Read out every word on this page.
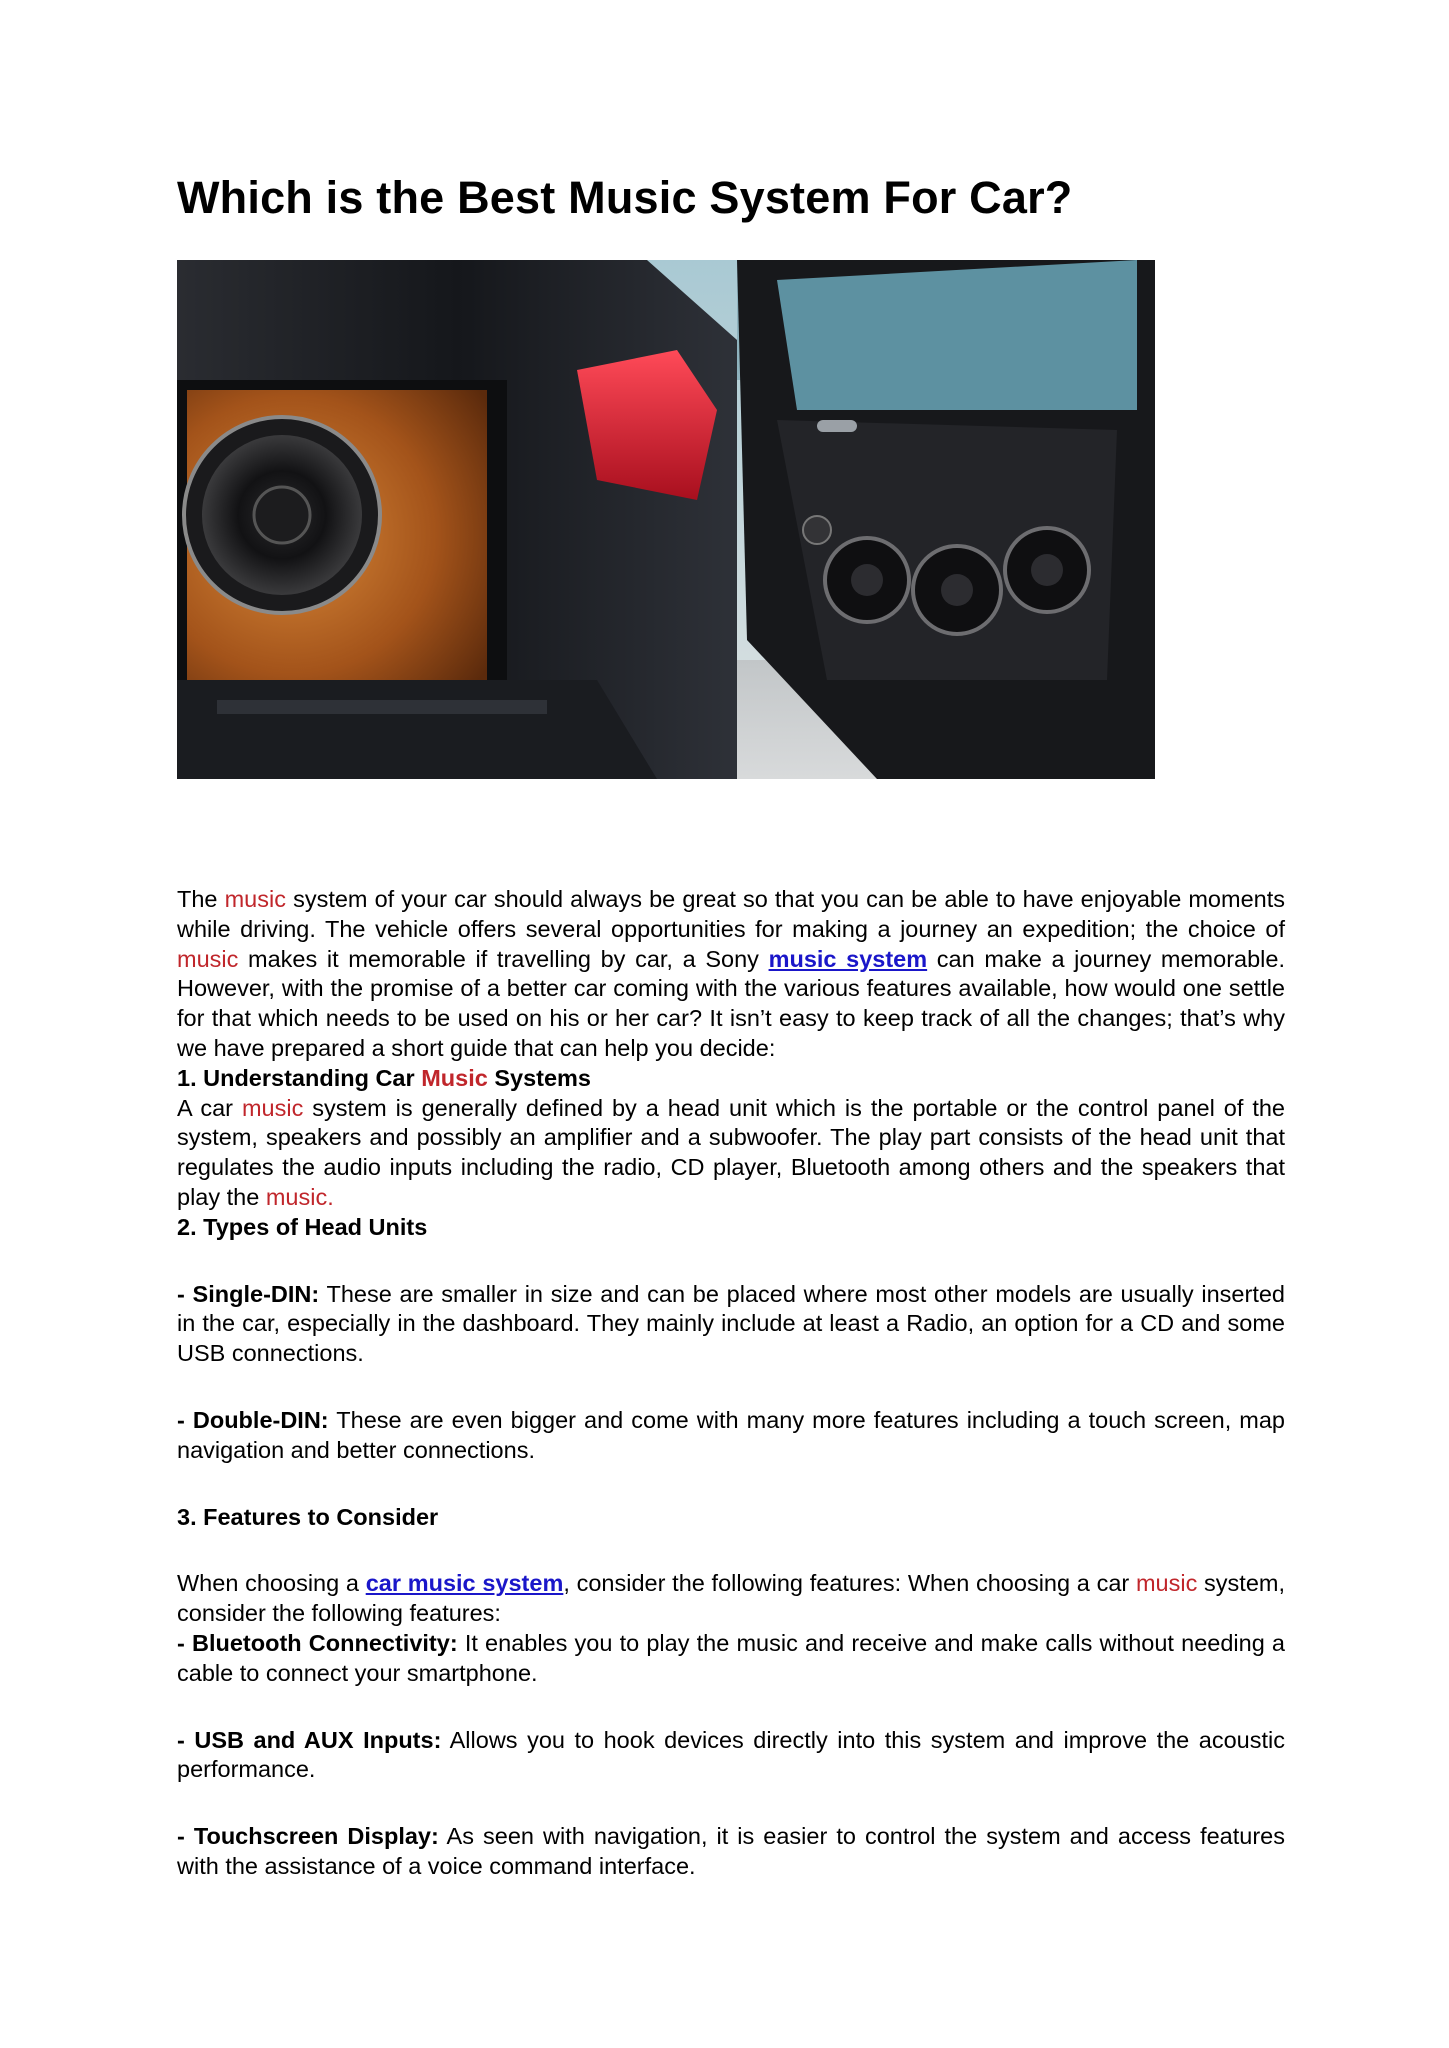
Which is the Best Music System For Car?

The music system of your car should always be great so that you can be able to have enjoyable moments while driving. The vehicle offers several opportunities for making a journey an expedition; the choice of music makes it memorable if travelling by car, a Sony music system can make a journey memorable. However, with the promise of a better car coming with the various features available, how would one settle for that which needs to be used on his or her car? It isn’t easy to keep track of all the changes; that’s why we have prepared a short guide that can help you decide:

1. Understanding Car Music Systems

A car music system is generally defined by a head unit which is the portable or the control panel of the system, speakers and possibly an amplifier and a subwoofer. The play part consists of the head unit that regulates the audio inputs including the radio, CD player, Bluetooth among others and the speakers that play the music.

2. Types of Head Units

- Single-DIN: These are smaller in size and can be placed where most other models are usually inserted in the car, especially in the dashboard. They mainly include at least a Radio, an option for a CD and some USB connections.

- Double-DIN: These are even bigger and come with many more features including a touch screen, map navigation and better connections.

3. Features to Consider

When choosing a car music system, consider the following features: When choosing a car music system, consider the following features:

- Bluetooth Connectivity: It enables you to play the music and receive and make calls without needing a cable to connect your smartphone.

- USB and AUX Inputs: Allows you to hook devices directly into this system and improve the acoustic performance.

- Touchscreen Display: As seen with navigation, it is easier to control the system and access features with the assistance of a voice command interface.
